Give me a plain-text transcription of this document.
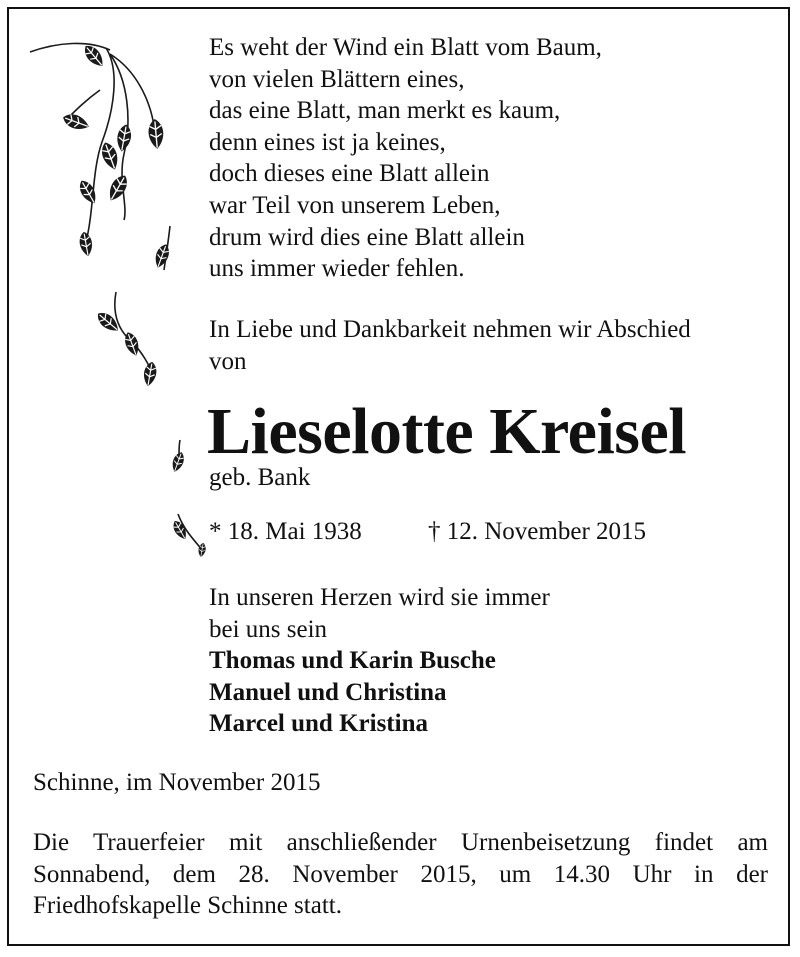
Es weht der Wind ein Blatt vom Baum,
von vielen Blättern eines,
das eine Blatt, man merkt es kaum,
denn eines ist ja keines,
doch dieses eine Blatt allein
war Teil von unserem Leben,
drum wird dies eine Blatt allein
uns immer wieder fehlen.
In Liebe und Dankbarkeit nehmen wir Abschied
von
Lieselotte Kreisel
geb. Bank
* 18. Mai 1938	† 12. November 2015
In unseren Herzen wird sie immer
bei uns sein
Thomas und Karin Busche
Manuel und Christina
Marcel und Kristina
Schinne, im November 2015
Die Trauerfeier mit anschließender Urnenbeisetzung findet am
Sonnabend, dem 28. November 2015, um 14.30 Uhr in der
Friedhofskapelle Schinne statt.
